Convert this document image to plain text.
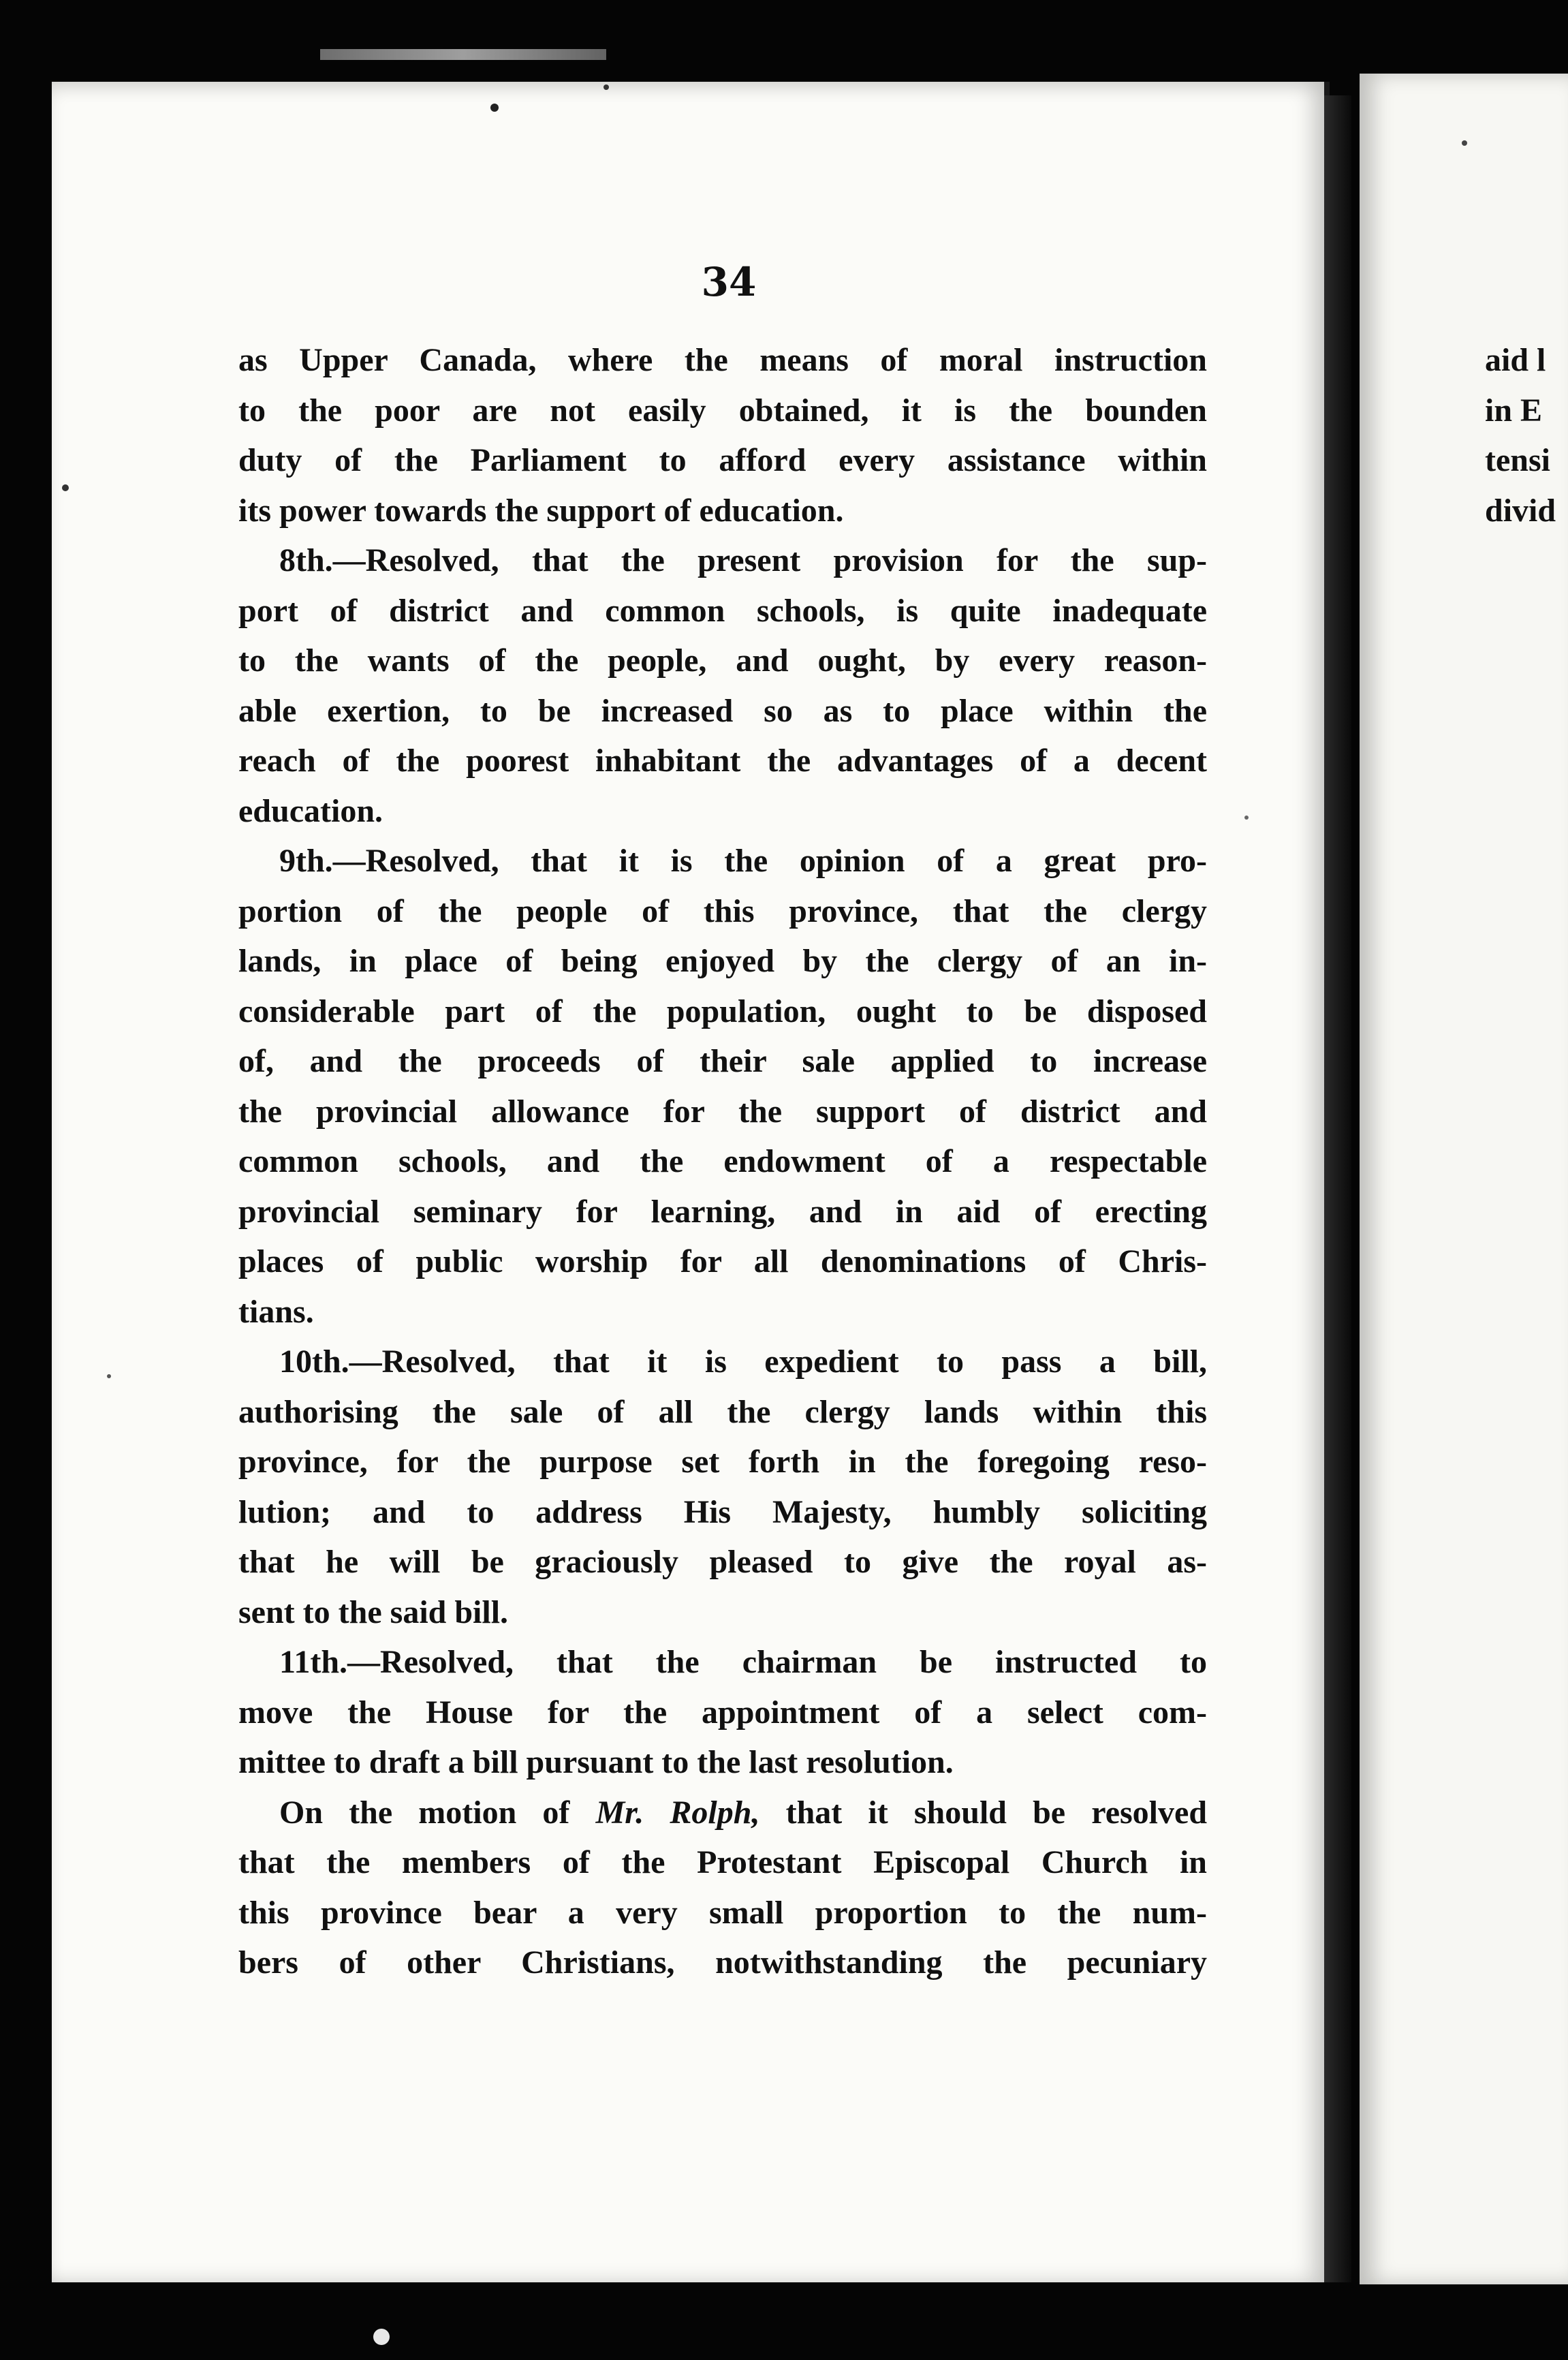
34
as Upper Canada, where the means of moral instruction
to the poor are not easily obtained, it is the bounden
duty of the Parliament to afford every assistance within
its power towards the support of education.
8th.—Resolved, that the present provision for the sup-
port of district and common schools, is quite inadequate
to the wants of the people, and ought, by every reason-
able exertion, to be increased so as to place within the
reach of the poorest inhabitant the advantages of a decent
education.
9th.—Resolved, that it is the opinion of a great pro-
portion of the people of this province, that the clergy
lands, in place of being enjoyed by the clergy of an in-
considerable part of the population, ought to be disposed
of, and the proceeds of their sale applied to increase
the provincial allowance for the support of district and
common schools, and the endowment of a respectable
provincial seminary for learning, and in aid of erecting
places of public worship for all denominations of Chris-
tians.
10th.—Resolved, that it is expedient to pass a bill,
authorising the sale of all the clergy lands within this
province, for the purpose set forth in the foregoing reso-
lution; and to address His Majesty, humbly soliciting
that he will be graciously pleased to give the royal as-
sent to the said bill.
11th.—Resolved, that the chairman be instructed to
move the House for the appointment of a select com-
mittee to draft a bill pursuant to the last resolution.
On the motion of Mr. Rolph, that it should be resolved
that the members of the Protestant Episcopal Church in
this province bear a very small proportion to the num-
bers of other Christians, notwithstanding the pecuniary
aid l
in E
tensi
divid
